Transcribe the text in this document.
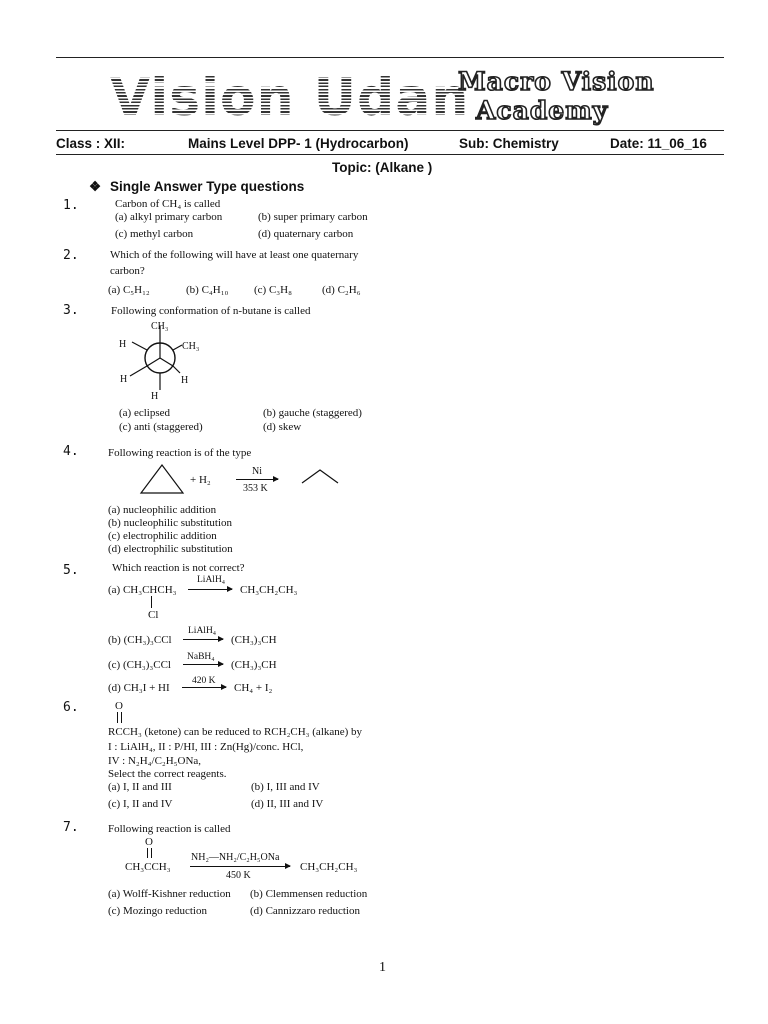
Vision Udan
Macro Vision
Academy
Class : XII:	Mains Level DPP- 1 (Hydrocarbon)	Sub: Chemistry	Date: 11_06_16
Topic: (Alkane )
❖ Single Answer Type questions
1.	Carbon of CH₄ is called
(a) alkyl primary carbon	(b) super primary carbon
(c) methyl carbon	(d) quaternary carbon
2.	Which of the following will have at least one quaternary
carbon?
(a) C₅H₁₂	(b) C₄H₁₀ (c) C₃H₈	(d) C₂H₆
3.	Following conformation of n-butane is called
CH₃
H	CH₃
H	H
H
(a) eclipsed	(b) gauche (staggered)
(c) anti (staggered)	(d) skew
4.	Following reaction is of the type
+ H₂
Ni
353 K
(a) nucleophilic addition
(b) nucleophilic substitution
(c) electrophilic addition
(d) electrophilic substitution
5.	Which reaction is not correct?
(a) CH₃CHCH₃
Cl
LiAlH₄
→ CH₃CH₂CH₃
(b) (CH₃)₃CCl
LiAlH₄
→ (CH₃)₃CH
(c) (CH₃)₃CCl
NaBH₄
→ (CH₃)₃CH
(d) CH₃I + HI
420 K
→ CH₄ + I₂
6.	O
RCCH₃ (ketone) can be reduced to RCH₂CH₃ (alkane) by
I : LiAlH₄, II : P/HI, III : Zn(Hg)/conc. HCl,
IV : N₂H₄/C₂H₅ONa,
Select the correct reagents.
(a) I, II and III	(b) I, III and IV
(c) I, II and IV	(d) II, III and IV
7.	Following reaction is called
O
CH₃CCH₃
NH₂—NH₂/C₂H₅ONa
450 K
CH₃CH₂CH₃
(a) Wolff-Kishner reduction (b) Clemmensen reduction
(c) Mozingo reduction	(d) Cannizzaro reduction
1
